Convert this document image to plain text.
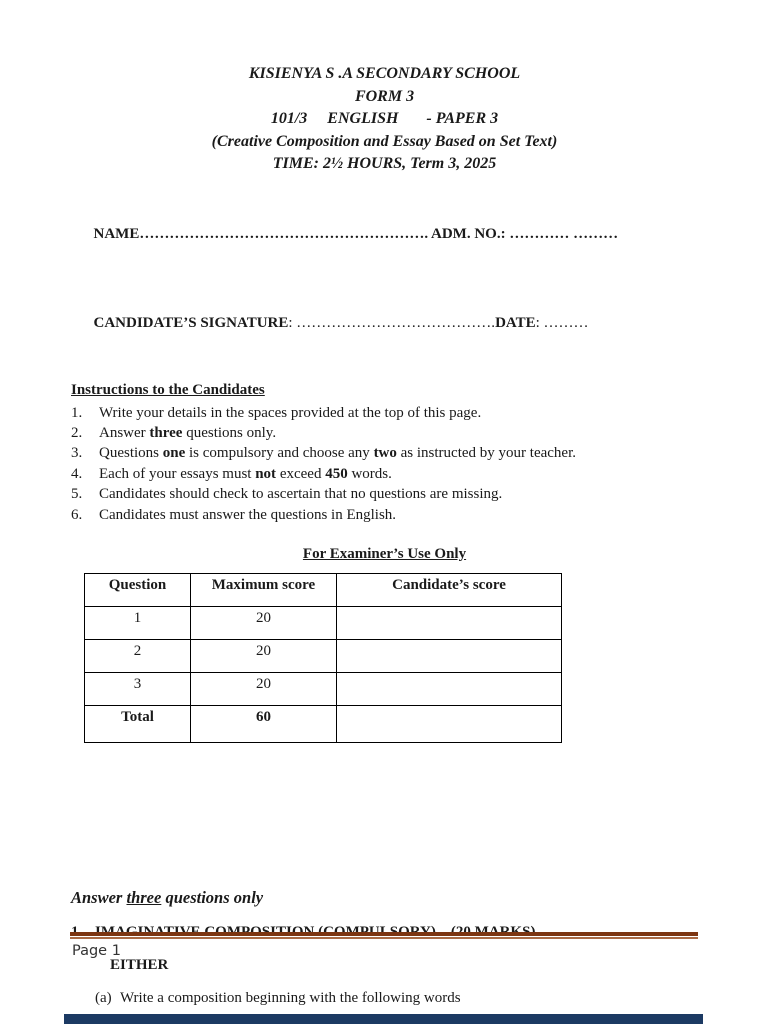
KISIENYA S .A SECONDARY SCHOOL
FORM 3
101/3     ENGLISH       - PAPER 3
(Creative Composition and Essay Based on Set Text)
TIME: 2½ HOURS, Term 3, 2025

NAME…………………………………………………. ADM. NO.: ………… ………

CANDIDATE’S SIGNATURE: ………………………………….DATE: ………

Instructions to the Candidates
1.	Write your details in the spaces provided at the top of this page.
2.	Answer three questions only.
3.	Questions one is compulsory and choose any two as instructed by your teacher.
4.	Each of your essays must not exceed 450 words.
5.	Candidates should check to ascertain that no questions are missing.
6.	Candidates must answer the questions in English.
For Examiner’s Use Only
Question	Maximum score	Candidate’s score
1	20	
2	20	
3	20	
Total	60	
Answer three questions only
EITHER
(a) Write a composition beginning with the following words
Page 1
